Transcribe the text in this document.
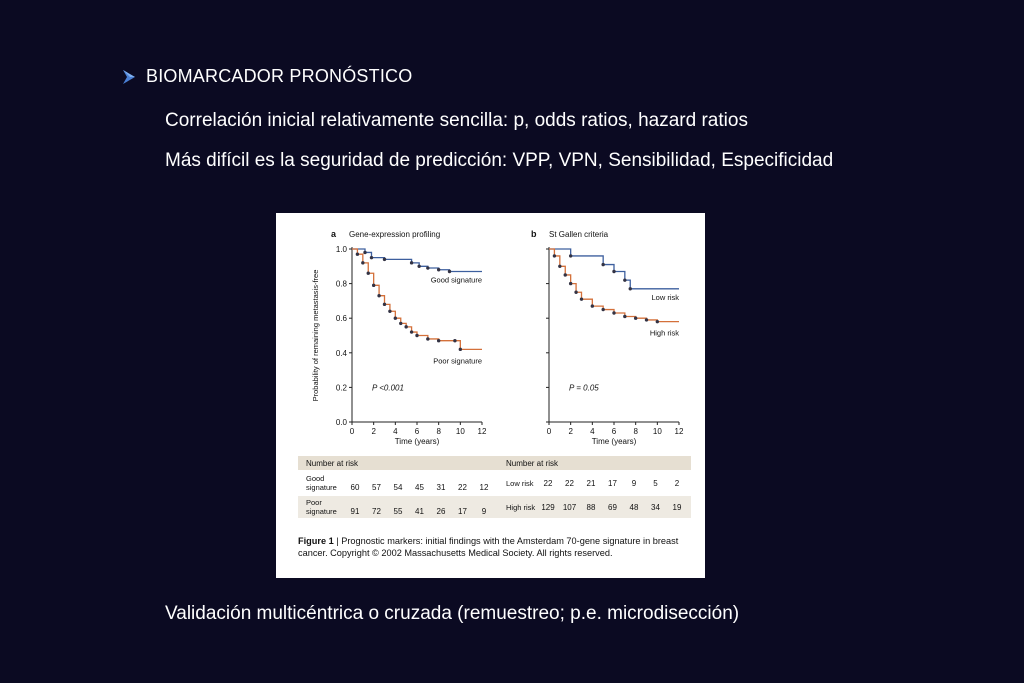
BIOMARCADOR PRONÓSTICO
Correlación inicial relativamente sencilla: p, odds ratios, hazard ratios
Más difícil es la seguridad de predicción: VPP, VPN, Sensibilidad, Especificidad
a Gene-expression profiling
0 2 4 6 8 10 12
0.0
0.2
0.4
0.6
0.8
1.0
Time (years)
Probability of remaining metastasis-free	P <0.001
Good signature
Poor signature
Number at risk
Good
signature 60 57 54 45 31 22 12
Poor
signature 91 72 55 41 26 17 9
b St Gallen criteria
0 2 4 6 8 10 12
Time (years)
P = 0.05
Low risk
High risk
Number at risk
Low risk 22 22 21 17 9 5 2
High risk 129 107 88 69 48 34 19
Figure 1 | Prognostic markers: initial findings with the Amsterdam 70-gene signature in breast cancer. Copyright © 2002 Massachusetts Medical Society. All rights reserved.
Validación multicéntrica o cruzada (remuestreo; p.e. microdisección)
